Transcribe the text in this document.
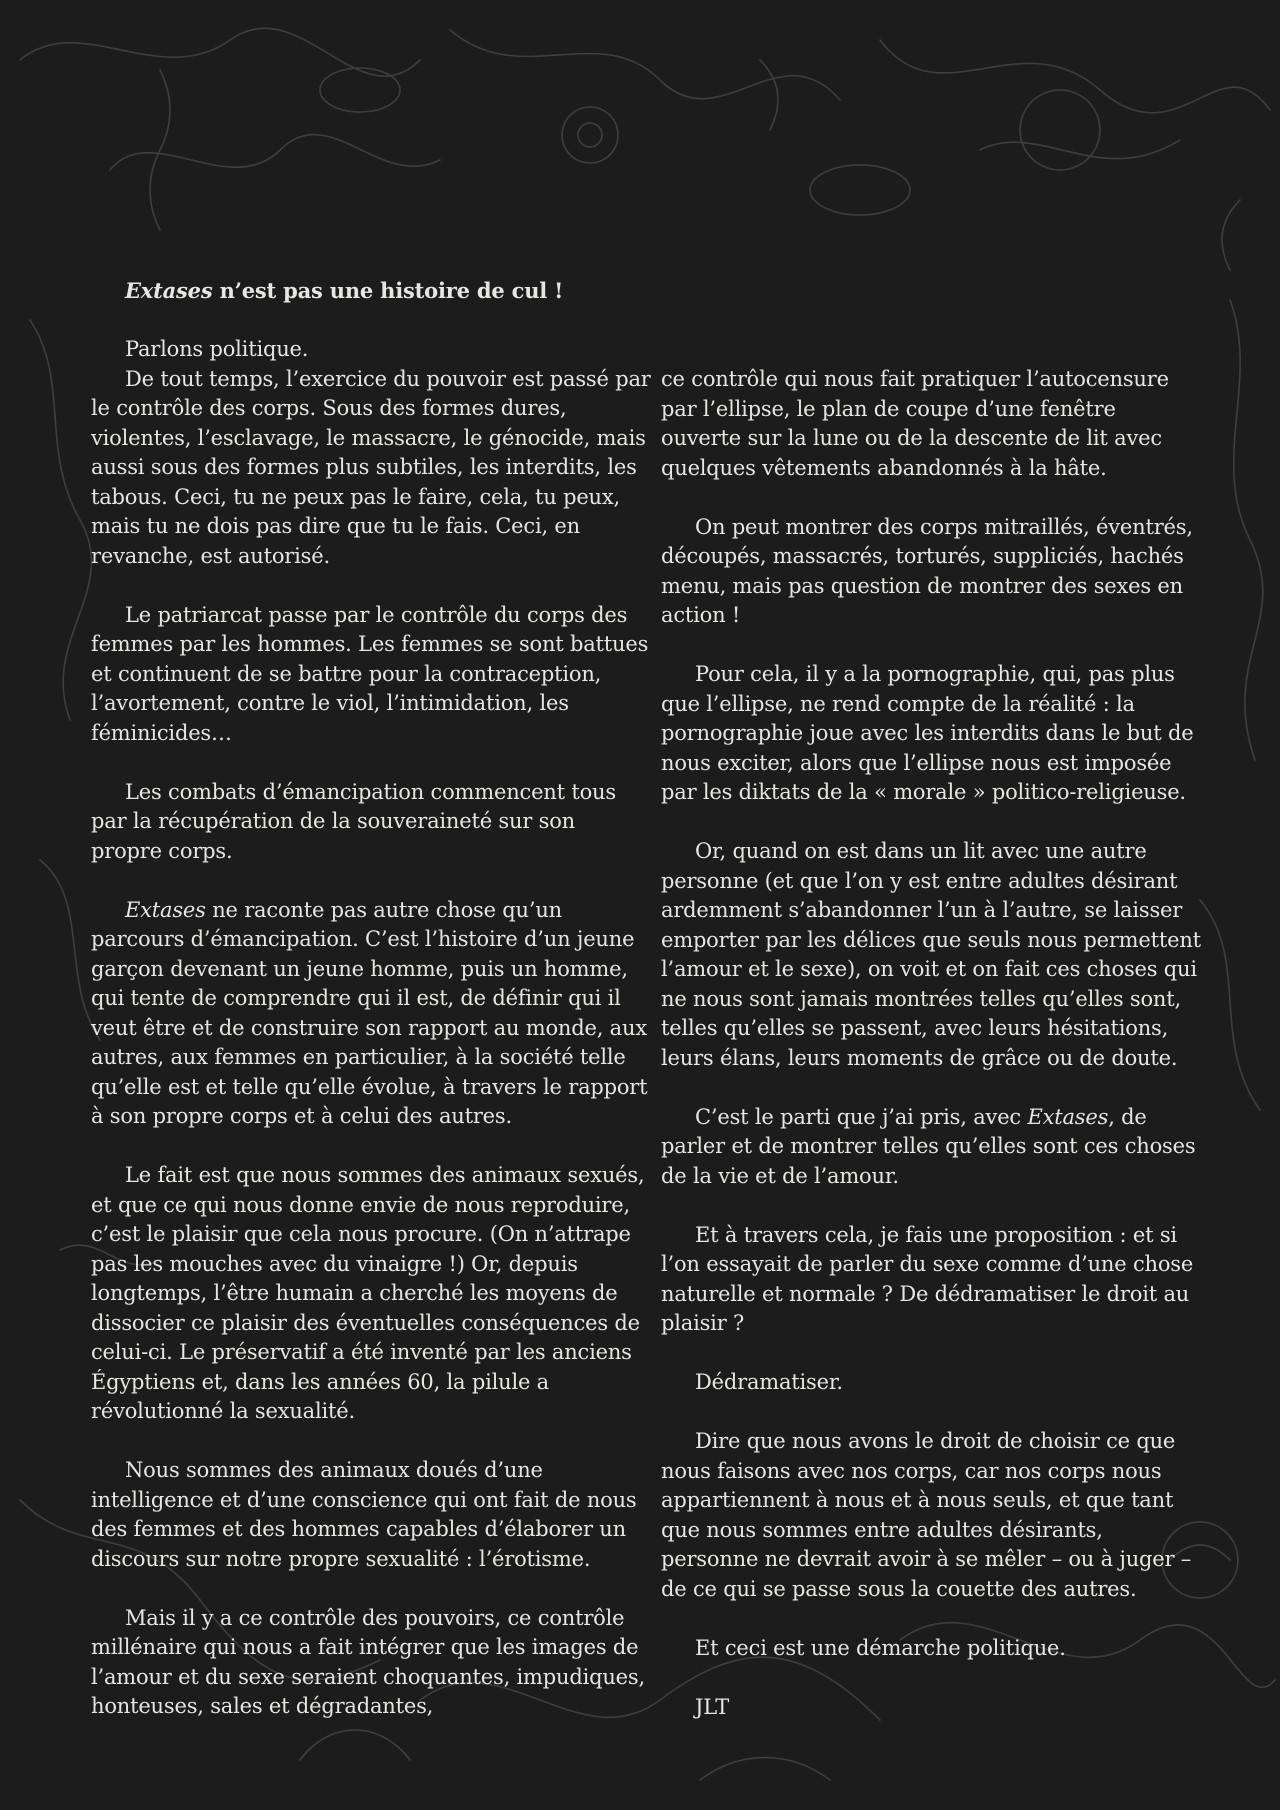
Extases n’est pas une histoire de cul !

Parlons politique.

De tout temps, l’exercice du pouvoir est passé par le contrôle des corps. Sous des formes dures, violentes, l’esclavage, le massacre, le génocide, mais aussi sous des formes plus subtiles, les interdits, les tabous. Ceci, tu ne peux pas le faire, cela, tu peux, mais tu ne dois pas dire que tu le fais. Ceci, en revanche, est autorisé.

Le patriarcat passe par le contrôle du corps des femmes par les hommes. Les femmes se sont battues et continuent de se battre pour la contraception, l’avortement, contre le viol, l’intimidation, les féminicides…

Les combats d’émancipation commencent tous par la récupération de la souveraineté sur son propre corps.

Extases ne raconte pas autre chose qu’un parcours d’émancipation. C’est l’histoire d’un jeune garçon devenant un jeune homme, puis un homme, qui tente de comprendre qui il est, de définir qui il veut être et de construire son rapport au monde, aux autres, aux femmes en particulier, à la société telle qu’elle est et telle qu’elle évolue, à travers le rapport à son propre corps et à celui des autres.

Le fait est que nous sommes des animaux sexués, et que ce qui nous donne envie de nous reproduire, c’est le plaisir que cela nous procure. (On n’attrape pas les mouches avec du vinaigre !) Or, depuis longtemps, l’être humain a cherché les moyens de dissocier ce plaisir des éventuelles conséquences de celui-ci. Le préservatif a été inventé par les anciens Égyptiens et, dans les années 60, la pilule a révolutionné la sexualité.

Nous sommes des animaux doués d’une intelligence et d’une conscience qui ont fait de nous des femmes et des hommes capables d’élaborer un discours sur notre propre sexualité : l’érotisme.

Mais il y a ce contrôle des pouvoirs, ce contrôle millénaire qui nous a fait intégrer que les images de l’amour et du sexe seraient choquantes, impudiques, honteuses, sales et dégradantes,

ce contrôle qui nous fait pratiquer l’autocensure par l’ellipse, le plan de coupe d’une fenêtre ouverte sur la lune ou de la descente de lit avec quelques vêtements abandonnés à la hâte.

On peut montrer des corps mitraillés, éventrés, découpés, massacrés, torturés, suppliciés, hachés menu, mais pas question de montrer des sexes en action !

Pour cela, il y a la pornographie, qui, pas plus que l’ellipse, ne rend compte de la réalité : la pornographie joue avec les interdits dans le but de nous exciter, alors que l’ellipse nous est imposée par les diktats de la « morale » politico-religieuse.

Or, quand on est dans un lit avec une autre personne (et que l’on y est entre adultes désirant ardemment s’abandonner l’un à l’autre, se laisser emporter par les délices que seuls nous permettent l’amour et le sexe), on voit et on fait ces choses qui ne nous sont jamais montrées telles qu’elles sont, telles qu’elles se passent, avec leurs hésitations, leurs élans, leurs moments de grâce ou de doute.

C’est le parti que j’ai pris, avec Extases, de parler et de montrer telles qu’elles sont ces choses de la vie et de l’amour.

Et à travers cela, je fais une proposition : et si l’on essayait de parler du sexe comme d’une chose naturelle et normale ? De dédramatiser le droit au plaisir ?

Dédramatiser.

Dire que nous avons le droit de choisir ce que nous faisons avec nos corps, car nos corps nous appartiennent à nous et à nous seuls, et que tant que nous sommes entre adultes désirants, personne ne devrait avoir à se mêler – ou à juger – de ce qui se passe sous la couette des autres.

Et ceci est une démarche politique.

JLT
